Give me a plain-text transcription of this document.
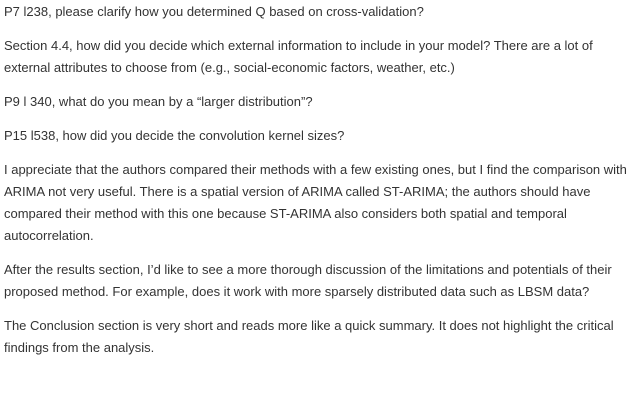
P7 l238, please clarify how you determined Q based on cross-validation?

Section 4.4, how did you decide which external information to include in your model? There are a lot of external attributes to choose from (e.g., social-economic factors, weather, etc.)

P9 l 340, what do you mean by a “larger distribution”?

P15 l538, how did you decide the convolution kernel sizes?

I appreciate that the authors compared their methods with a few existing ones, but I find the comparison with ARIMA not very useful. There is a spatial version of ARIMA called ST-ARIMA; the authors should have compared their method with this one because ST-ARIMA also considers both spatial and temporal autocorrelation.

After the results section, I’d like to see a more thorough discussion of the limitations and potentials of their proposed method. For example, does it work with more sparsely distributed data such as LBSM data?

The Conclusion section is very short and reads more like a quick summary. It does not highlight the critical findings from the analysis.
